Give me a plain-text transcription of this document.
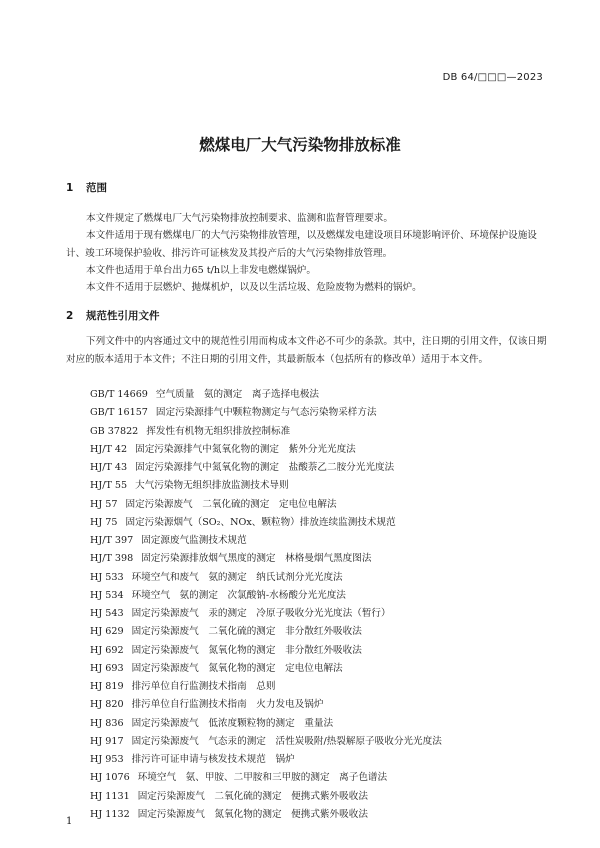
DB 64/□□□—2023
燃煤电厂大气污染物排放标准
1 范围

本文件规定了燃煤电厂大气污染物排放控制要求、监测和监督管理要求。

本文件适用于现有燃煤电厂的大气污染物排放管理，以及燃煤发电建设项目环境影响评价、环境保护设施设计、竣工环境保护验收、排污许可证核发及其投产后的大气污染物排放管理。

本文件也适用于单台出力65 t/h以上非发电燃煤锅炉。

本文件不适用于层燃炉、抛煤机炉，以及以生活垃圾、危险废物为燃料的锅炉。

2 规范性引用文件

下列文件中的内容通过文中的规范性引用而构成本文件必不可少的条款。其中，注日期的引用文件，仅该日期对应的版本适用于本文件；不注日期的引用文件，其最新版本（包括所有的修改单）适用于本文件。

GB/T 14669 空气质量　氨的测定　离子选择电极法
GB/T 16157 固定污染源排气中颗粒物测定与气态污染物采样方法
GB 37822 挥发性有机物无组织排放控制标准
HJ/T 42 固定污染源排气中氮氧化物的测定　紫外分光光度法
HJ/T 43 固定污染源排气中氮氧化物的测定　盐酸萘乙二胺分光光度法
HJ/T 55 大气污染物无组织排放监测技术导则
HJ 57 固定污染源废气　二氧化硫的测定　定电位电解法
HJ 75 固定污染源烟气（SO₂、NOx、颗粒物）排放连续监测技术规范
HJ/T 397 固定源废气监测技术规范
HJ/T 398 固定污染源排放烟气黑度的测定　林格曼烟气黑度图法
HJ 533 环境空气和废气　氨的测定　纳氏试剂分光光度法
HJ 534 环境空气　氨的测定　次氯酸钠-水杨酸分光光度法
HJ 543 固定污染源废气　汞的测定　冷原子吸收分光光度法（暂行）
HJ 629 固定污染源废气　二氧化硫的测定　非分散红外吸收法
HJ 692 固定污染源废气　氮氧化物的测定　非分散红外吸收法
HJ 693 固定污染源废气　氮氧化物的测定　定电位电解法
HJ 819 排污单位自行监测技术指南　总则
HJ 820 排污单位自行监测技术指南　火力发电及锅炉
HJ 836 固定污染源废气　低浓度颗粒物的测定　重量法
HJ 917 固定污染源废气　气态汞的测定　活性炭吸附/热裂解原子吸收分光光度法
HJ 953 排污许可证申请与核发技术规范　锅炉
HJ 1076 环境空气　氨、甲胺、二甲胺和三甲胺的测定　离子色谱法
HJ 1131 固定污染源废气　二氧化硫的测定　便携式紫外吸收法
HJ 1132 固定污染源废气　氮氧化物的测定　便携式紫外吸收法
1
